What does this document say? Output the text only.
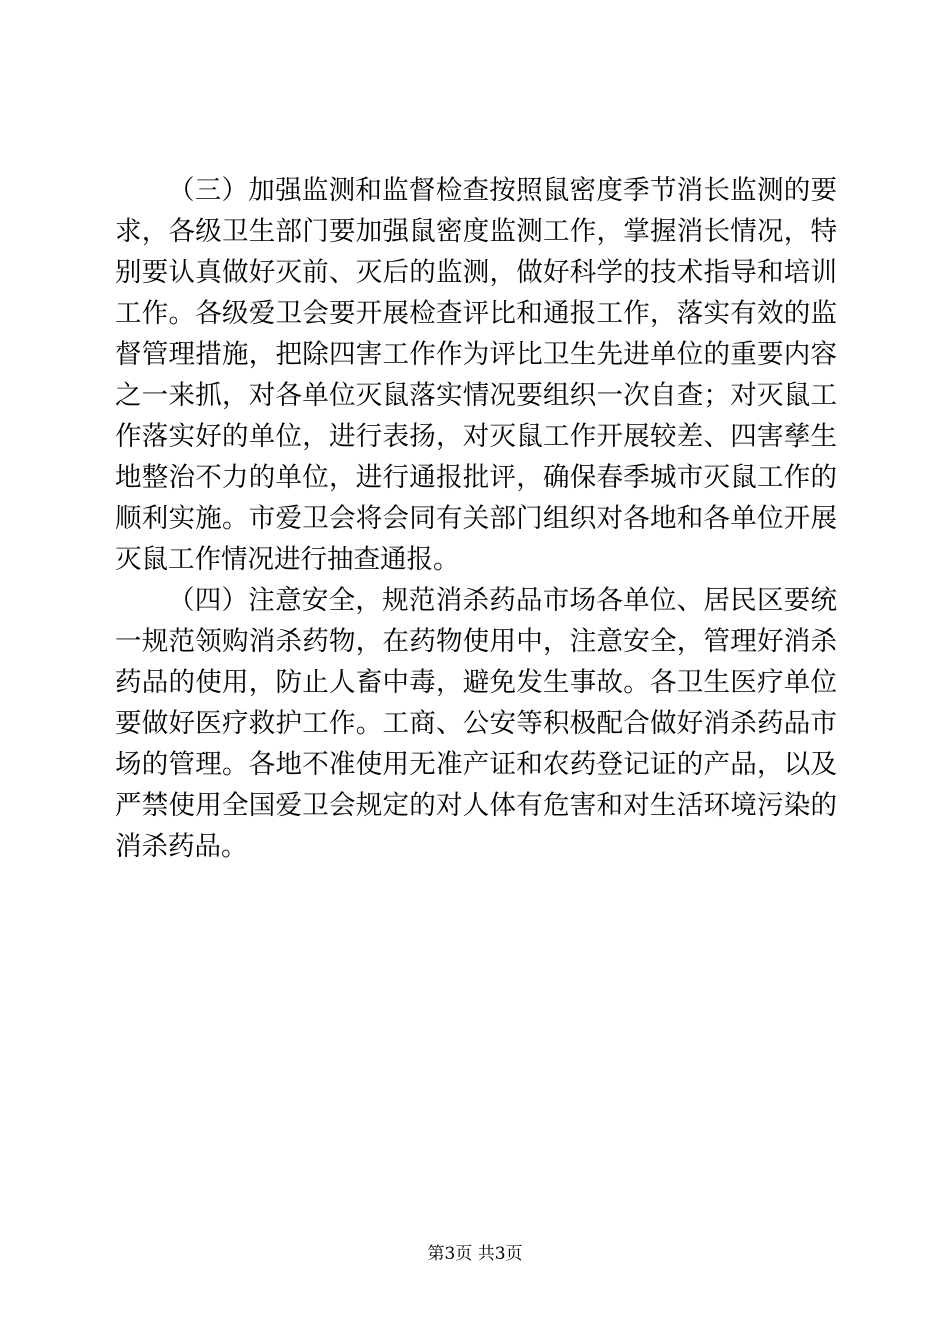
（三）加强监测和监督检查按照鼠密度季节消长监测的要求，各级卫生部门要加强鼠密度监测工作，掌握消长情况，特别要认真做好灭前、灭后的监测，做好科学的技术指导和培训工作。各级爱卫会要开展检查评比和通报工作，落实有效的监督管理措施，把除四害工作作为评比卫生先进单位的重要内容之一来抓，对各单位灭鼠落实情况要组织一次自查；对灭鼠工作落实好的单位，进行表扬，对灭鼠工作开展较差、四害孳生地整治不力的单位，进行通报批评，确保春季城市灭鼠工作的顺利实施。市爱卫会将会同有关部门组织对各地和各单位开展灭鼠工作情况进行抽查通报。

（四）注意安全，规范消杀药品市场各单位、居民区要统一规范领购消杀药物，在药物使用中，注意安全，管理好消杀药品的使用，防止人畜中毒，避免发生事故。各卫生医疗单位要做好医疗救护工作。工商、公安等积极配合做好消杀药品市场的管理。各地不准使用无准产证和农药登记证的产品，以及严禁使用全国爱卫会规定的对人体有危害和对生活环境污染的消杀药品。

第3页 共3页
